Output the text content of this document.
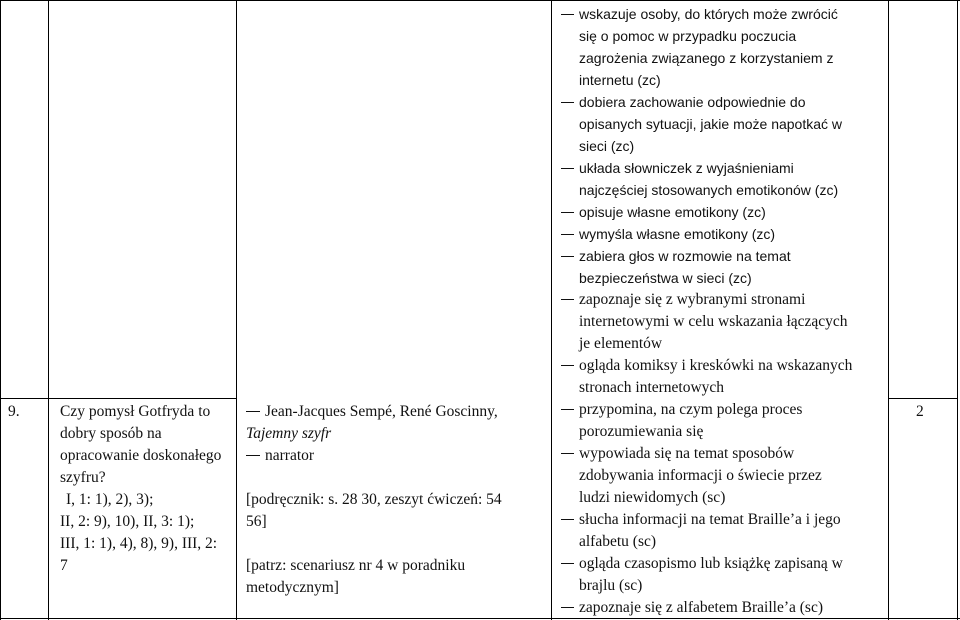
9.	Czy pomysł Gotfryda to
dobry sposób na
opracowanie doskonałego
szyfru?
I, 1: 1), 2), 3);
II, 2: 9), 10), II, 3: 1);
III, 1: 1), 4), 8), 9), III, 2:
7
Jean-Jacques Sempé, René Goscinny,
Tajemny szyfr
narrator
[podręcznik: s. 28 30, zeszyt ćwiczeń: 54
56]
[patrz: scenariusz nr 4 w poradniku
metodycznym]
wskazuje osoby, do których może zwrócić
się o pomoc w przypadku poczucia
zagrożenia związanego z korzystaniem z
internetu (zc)
dobiera zachowanie odpowiednie do
opisanych sytuacji, jakie może napotkać w
sieci (zc)
układa słowniczek z wyjaśnieniami
najczęściej stosowanych emotikonów (zc)
opisuje własne emotikony (zc)
wymyśla własne emotikony (zc)
zabiera głos w rozmowie na temat
bezpieczeństwa w sieci (zc)
zapoznaje się z wybranymi stronami
internetowymi w celu wskazania łączących
je elementów
ogląda komiksy i kreskówki na wskazanych
stronach internetowych
przypomina, na czym polega proces
porozumiewania się
wypowiada się na temat sposobów
zdobywania informacji o świecie przez
ludzi niewidomych (sc)
słucha informacji na temat Braille’a i jego
alfabetu (sc)
ogląda czasopismo lub książkę zapisaną w
brajlu (sc)
zapoznaje się z alfabetem Braille’a (sc)
2
